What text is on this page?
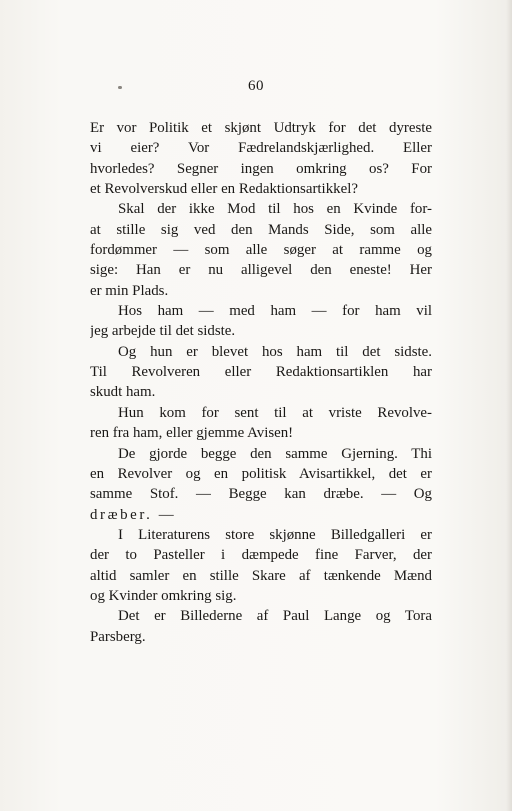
60
Er vor Politik et skjønt Udtryk for det dyreste
vi eier? Vor Fædrelandskjærlighed. Eller
hvorledes? Segner ingen omkring os? For
et Revolverskud eller en Redaktionsartikkel?
Skal der ikke Mod til hos en Kvinde for-
at stille sig ved den Mands Side, som alle
fordømmer — som alle søger at ramme og
sige: Han er nu alligevel den eneste! Her
er min Plads.
Hos ham — med ham — for ham vil
jeg arbejde til det sidste.
Og hun er blevet hos ham til det sidste.
Til Revolveren eller Redaktionsartiklen har
skudt ham.
Hun kom for sent til at vriste Revolve-
ren fra ham, eller gjemme Avisen!
De gjorde begge den samme Gjerning. Thi
en Revolver og en politisk Avisartikkel, det er
samme Stof. — Begge kan dræbe. — Og
dræber. —
I Literaturens store skjønne Billedgalleri er
der to Pasteller i dæmpede fine Farver, der
altid samler en stille Skare af tænkende Mænd
og Kvinder omkring sig.
Det er Billederne af Paul Lange og Tora
Parsberg.
